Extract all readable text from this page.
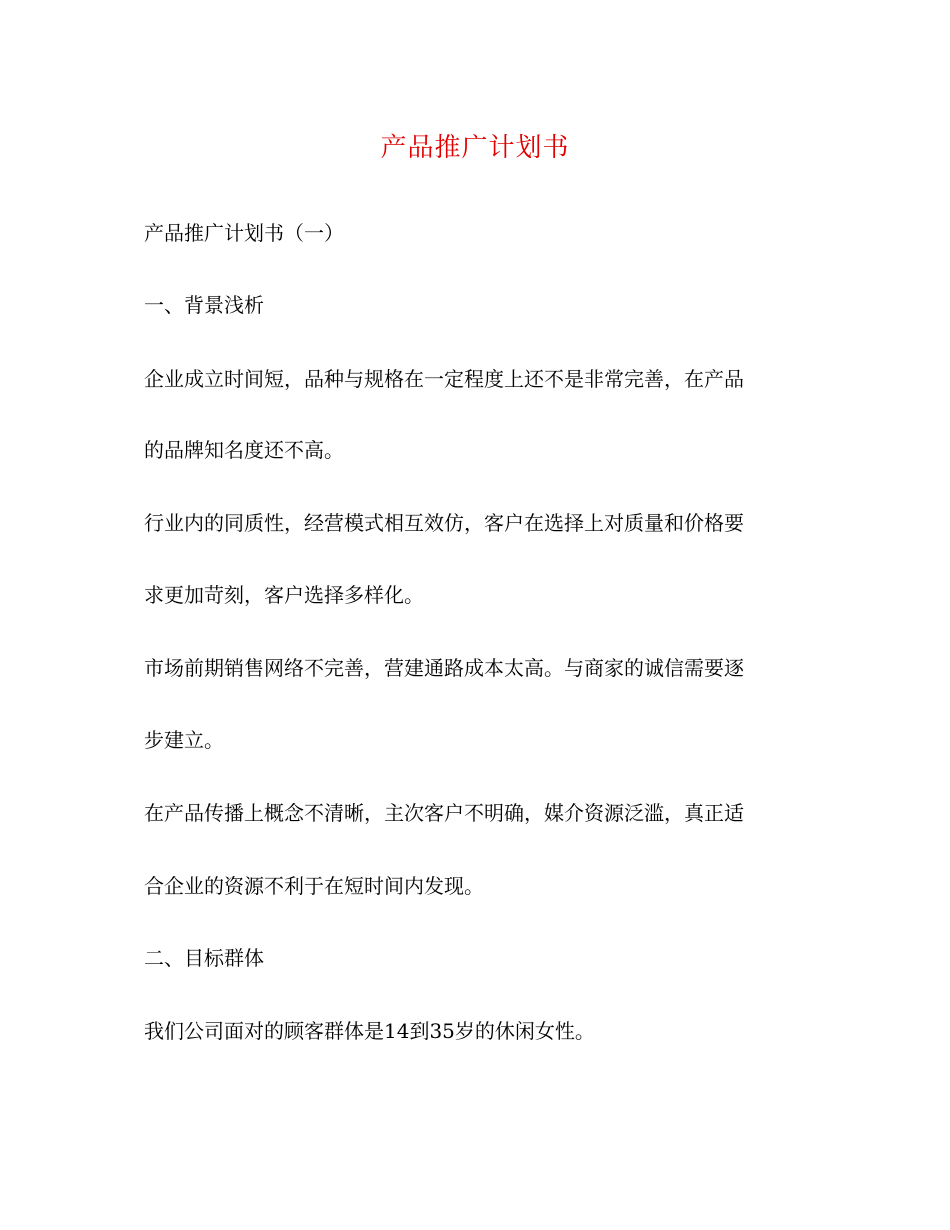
产品推广计划书
产品推广计划书（一）
一、背景浅析
企业成立时间短，品种与规格在一定程度上还不是非常完善，在产品
的品牌知名度还不高。
行业内的同质性，经营模式相互效仿，客户在选择上对质量和价格要
求更加苛刻，客户选择多样化。
市场前期销售网络不完善，营建通路成本太高。与商家的诚信需要逐
步建立。
在产品传播上概念不清晰，主次客户不明确，媒介资源泛滥，真正适
合企业的资源不利于在短时间内发现。
二、目标群体
我们公司面对的顾客群体是14到35岁的休闲女性。
